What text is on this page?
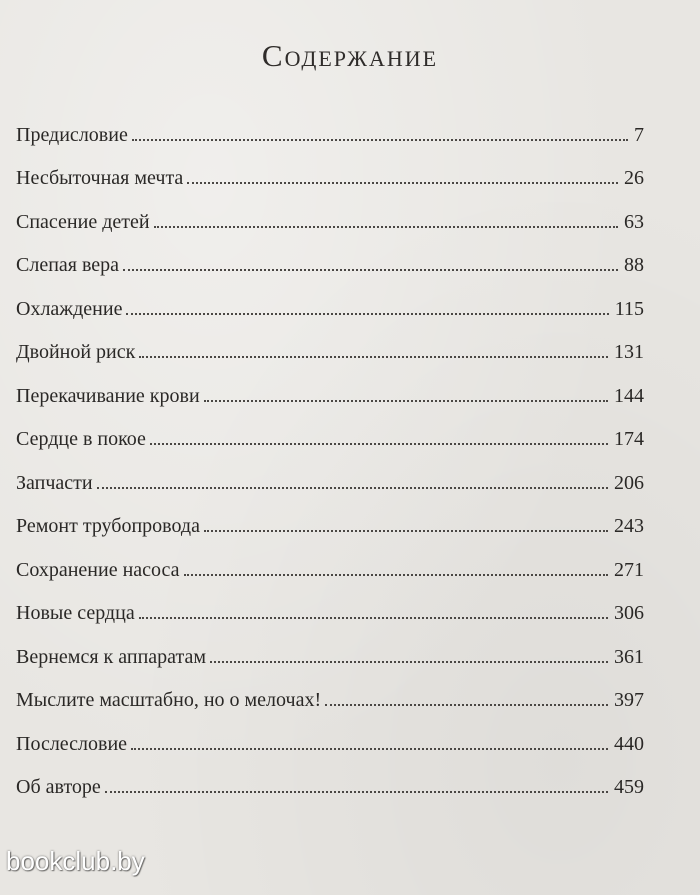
Содержание
Предисловие	7
Несбыточная мечта	26
Спасение детей	63
Слепая вера	88
Охлаждение	115
Двойной риск	131
Перекачивание крови	144
Сердце в покое	174
Запчасти	206
Ремонт трубопровода	243
Сохранение насоса	271
Новые сердца	306
Вернемся к аппаратам	361
Мыслите масштабно, но о мелочах!	397
Послесловие	440
Об авторе	459
bookclub.by
